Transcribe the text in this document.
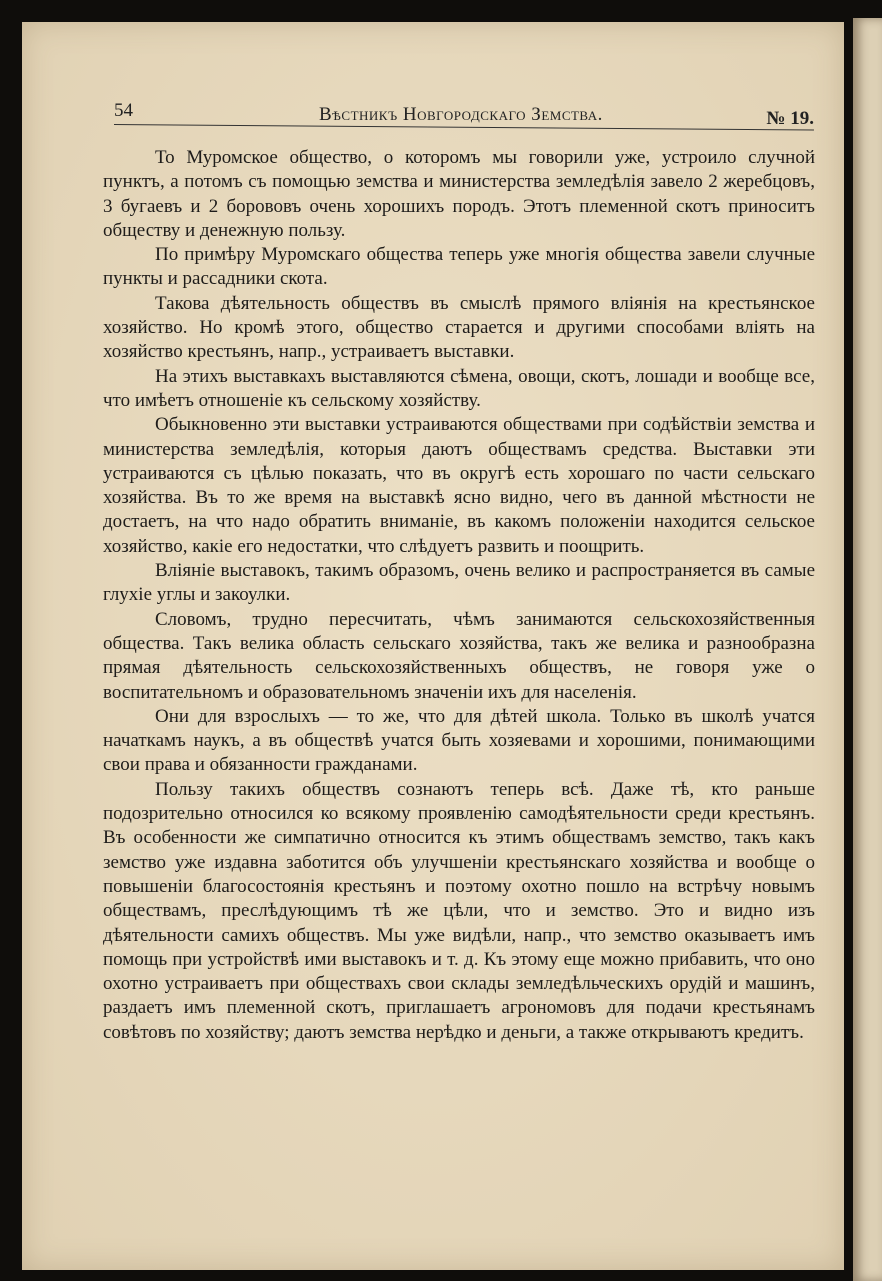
54	Вѣстникъ Новгородскаго Земства.	№ 19.

То Муромское общество, о которомъ мы говорили уже, устроило случной пунктъ, а потомъ съ помощью земства и министерства земледѣлія завело 2 жеребцовъ, 3 бугаевъ и 2 борововъ очень хорошихъ породъ. Этотъ племенной скотъ приноситъ обществу и денежную пользу.

По примѣру Муромскаго общества теперь уже многія общества завели случные пункты и расcадники скота.

Такова дѣятельность обществъ въ смыслѣ прямого вліянія на крестьянское хозяйство. Но кромѣ этого, общество старается и другими способами вліять на хозяйство крестьянъ, напр., устраиваетъ выставки.

На этихъ выставкахъ выставляются сѣмена, овощи, скотъ, лошади и вообще все, что имѣетъ отношеніе къ сельскому хозяйству.

Обыкновенно эти выставки устраиваются обществами при содѣйствіи земства и министерства земледѣлія, которыя даютъ обществамъ средства. Выставки эти устраиваются съ цѣлью показать, что въ округѣ есть хорошаго по части сельскаго хозяйства. Въ то же время на выставкѣ ясно видно, чего въ данной мѣстности не достаетъ, на что надо обратить вниманіе, въ какомъ положеніи находится сельское хозяйство, какіе его недостатки, что слѣдуетъ развить и поощрить.

Вліяніе выставокъ, такимъ образомъ, очень велико и распространяется въ самые глухіе углы и закоулки.

Словомъ, трудно пересчитать, чѣмъ занимаются сельскохозяйственныя общества. Такъ велика область сельскаго хозяйства, такъ же велика и разнообразна прямая дѣятельность сельскохозяйственныхъ обществъ, не говоря уже о воспитательномъ и образовательномъ значеніи ихъ для населенія.

Они для взрослыхъ — то же, что для дѣтей школа. Только въ школѣ учатся начаткамъ наукъ, а въ обществѣ учатся быть хозяевами и хорошими, понимающими свои права и обязанности гражданами.

Пользу такихъ обществъ сознаютъ теперь всѣ. Даже тѣ, кто раньше подозрительно относился ко всякому проявленію самодѣятельности среди крестьянъ. Въ особенности же симпатично относится къ этимъ обществамъ земство, такъ какъ земство уже издавна заботится объ улучшеніи крестьянскаго хозяйства и вообще о повышеніи благосостоянія крестьянъ и поэтому охотно пошло на встрѣчу новымъ обществамъ, преслѣдующимъ тѣ же цѣли, что и земство. Это и видно изъ дѣятельности самихъ обществъ. Мы уже видѣли, напр., что земство оказываетъ имъ помощь при устройствѣ ими выставокъ и т. д. Къ этому еще можно прибавить, что оно охотно устраиваетъ при обществахъ свои склады земледѣльческихъ орудій и машинъ, раздаетъ имъ племенной скотъ, приглашаетъ агрономовъ для подачи крестьянамъ совѣтовъ по хозяйству; даютъ земства нерѣдко и деньги, а также открываютъ кредитъ.
